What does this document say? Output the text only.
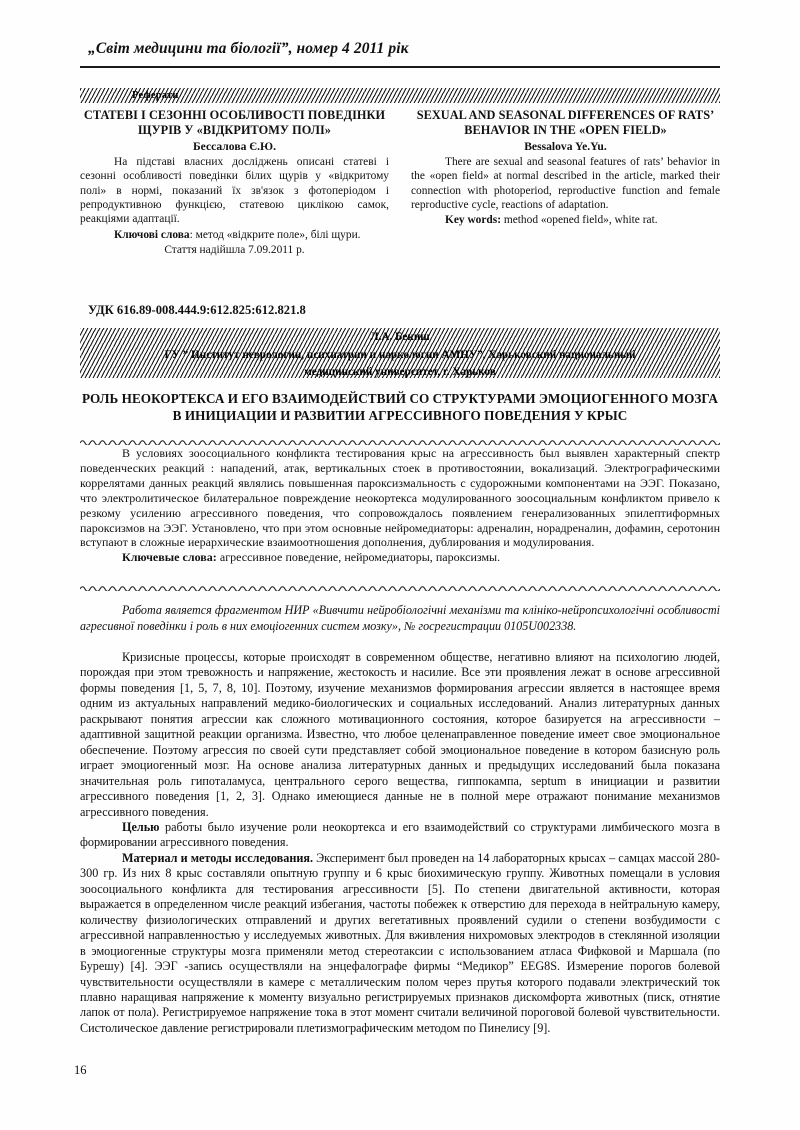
„Світ медицини та біології”, номер 4 2011 рік
Реферати
СТАТЕВІ І СЕЗОННІ ОСОБЛИВОСТІ ПОВЕДІНКИ ЩУРІВ У «ВІДКРИТОМУ ПОЛІ»
Бессалова Є.Ю.
На підставі власних досліджень описані статеві і сезонні особливості поведінки білих щурів у «відкритому полі» в нормі, показаний їх зв'язок з фотоперіодом і репродуктивною функцією, статевою циклікою самок, реакціями адаптації.
Ключові слова: метод «відкрите поле», білі щури.
Стаття надійшла 7.09.2011 р.
SEXUAL AND SEASONAL DIFFERENCES OF RATS’ BEHAVIOR IN THE «OPEN FIELD»
Bessalova Ye.Yu.
There are sexual and seasonal features of rats’ behavior in the «open field» at normal described in the article, marked their connection with photoperiod, reproductive function and female reproductive cycle, reactions of adaptation.
Key words: method «opened field», white rat.
УДК 616.89-008.444.9:612.825:612.821.8
Л.А. Бекиш
ГУ ” Институт неврологии, психиатрии и наркологии АМНУ”, Харьковский национальный
медицинский университет, г. Харьков
РОЛЬ НЕОКОРТЕКСА И ЕГО ВЗАИМОДЕЙСТВИЙ СО СТРУКТУРАМИ ЭМОЦИОГЕННОГО МОЗГА В ИНИЦИАЦИИ И РАЗВИТИИ АГРЕССИВНОГО ПОВЕДЕНИЯ У КРЫС
В условиях зоосоциального конфликта тестирования крыс на агрессивность был выявлен характерный спектр поведенческих реакций : нападений, атак, вертикальных стоек в противостоянии, вокализаций. Электрографическими коррелятами данных реакций являлись повышенная пароксизмальность с судорожными компонентами на ЭЭГ. Показано, что электролитическое билатеральное повреждение неокортекса модулированного зоосоциальным конфликтом привело к резкому усилению агрессивного поведения, что сопровождалось появлением генерализованных эпилептиформных пароксизмов на ЭЭГ. Установлено, что при этом основные нейромедиаторы: адреналин, норадреналин, дофамин, серотонин вступают в сложные иерархические взаимоотношения дополнения, дублирования и модулирования.
Ключевые слова: агрессивное поведение, нейромедиаторы, пароксизмы.
Работа является фрагментом НИР «Вивчити нейробіологічні механізми та клініко-нейропсихологічні особливості агресивної поведінки і роль в них емоціогенних систем мозку», № госрегистрации 0105U002338.

Кризисные процессы, которые происходят в современном обществе, негативно влияют на психологию людей, порождая при этом тревожность и напряжение, жестокость и насилие. Все эти проявления лежат в основе агрессивной формы поведения [1, 5, 7, 8, 10]. Поэтому, изучение механизмов формирования агрессии является в настоящее время одним из актуальных направлений медико-биологических и социальных исследований. Анализ литературных данных раскрывают понятия агрессии как сложного мотивационного состояния, которое базируется на агрессивности – адаптивной защитной реакции организма. Известно, что любое целенаправленное поведение имеет свое эмоциональное обеспечение. Поэтому агрессия по своей сути представляет собой эмоциональное поведение в котором базисную роль играет эмоциогенный мозг. На основе анализа литературных данных и предыдущих исследований была показана значительная роль гипоталамуса, центрального серого вещества, гиппокампа, septum в инициации и развитии агрессивного поведения [1, 2, 3]. Однако имеющиеся данные не в полной мере отражают понимание механизмов агрессивного поведения.

Целью работы было изучение роли неокортекса и его взаимодействий со структурами лимбического мозга в формировании агрессивного поведения.

Материал и методы исследования. Эксперимент был проведен на 14 лабораторных крысах – самцах массой 280-300 гр. Из них 8 крыс составляли опытную группу и 6 крыс биохимическую группу. Животных помещали в условия зоосоциального конфликта для тестирования агрессивности [5]. По степени двигательной активности, которая выражается в определенном числе реакций избегания, частоты побежек к отверстию для перехода в нейтральную камеру, количеству физиологических отправлений и других вегетативных проявлений судили о степени возбудимости с агрессивной направленностью у исследуемых животных. Для вживления нихромовых электродов в стеклянной изоляции в эмоциогенные структуры мозга применяли метод стереотаксии с использованием атласа Фифковой и Маршала (по Бурешу) [4]. ЭЭГ -запись осуществляли на энцефалографе фирмы “Медикор” EEG8S. Измерение порогов болевой чувствительности осуществляли в камере с металлическим полом через прутья которого подавали электрический ток плавно наращивая напряжение к моменту визуально регистрируемых признаков дискомфорта животных (писк, отнятие лапок от пола). Регистрируемое напряжение тока в этот момент считали величиной пороговой болевой чувствительности. Систолическое давление регистрировали плетизмографическим методом по Пинелису [9].

16
